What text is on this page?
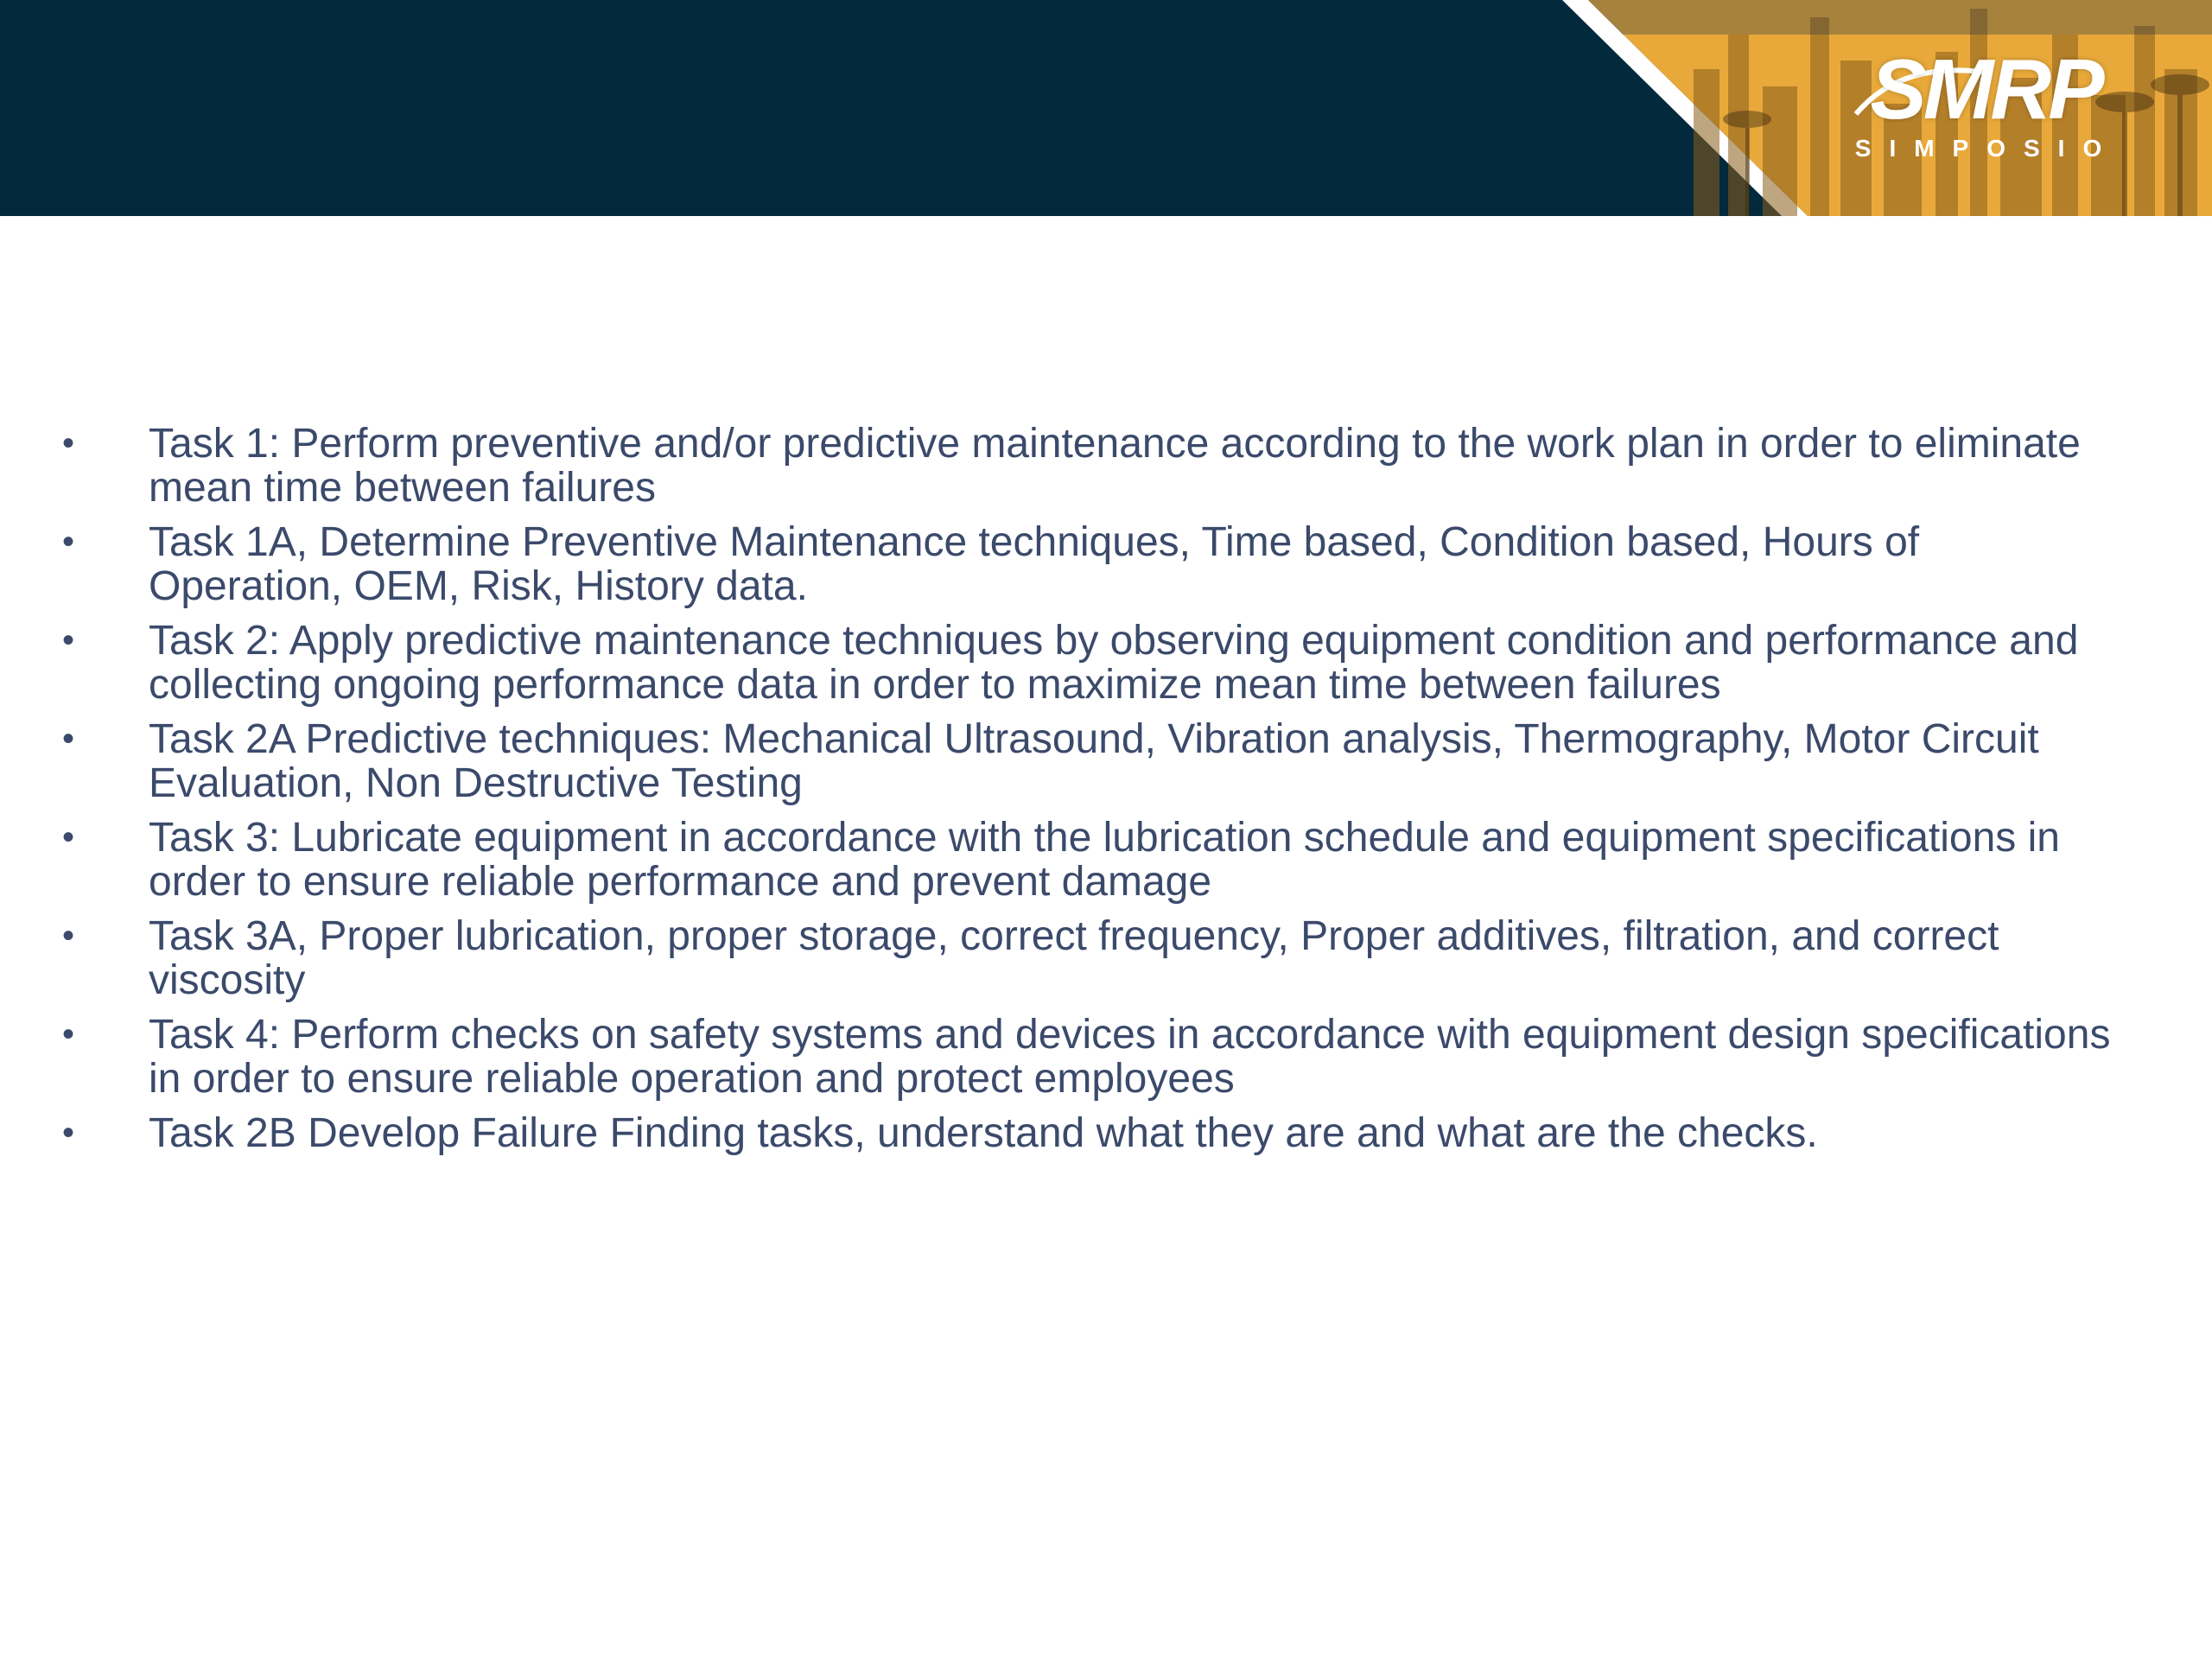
SMRP
SIMPOSIO
•	Task 1: Perform preventive and/or predictive maintenance according to the work plan in order to eliminate mean time between failures
•	Task 1A, Determine Preventive Maintenance techniques, Time based, Condition based, Hours of Operation, OEM, Risk, History data.
•	Task 2: Apply predictive maintenance techniques by observing equipment condition and performance and collecting ongoing performance data in order to maximize mean time between failures
•	Task 2A Predictive techniques: Mechanical Ultrasound, Vibration analysis, Thermography, Motor Circuit Evaluation, Non Destructive Testing
•	Task 3: Lubricate equipment in accordance with the lubrication schedule and equipment specifications in order to ensure reliable performance and prevent damage
•	Task 3A, Proper lubrication, proper storage, correct frequency, Proper additives, filtration, and correct viscosity
•	Task 4: Perform checks on safety systems and devices in accordance with equipment design specifications in order to ensure reliable operation and protect employees
•	Task 2B Develop Failure Finding tasks, understand what they are and what are the checks.
